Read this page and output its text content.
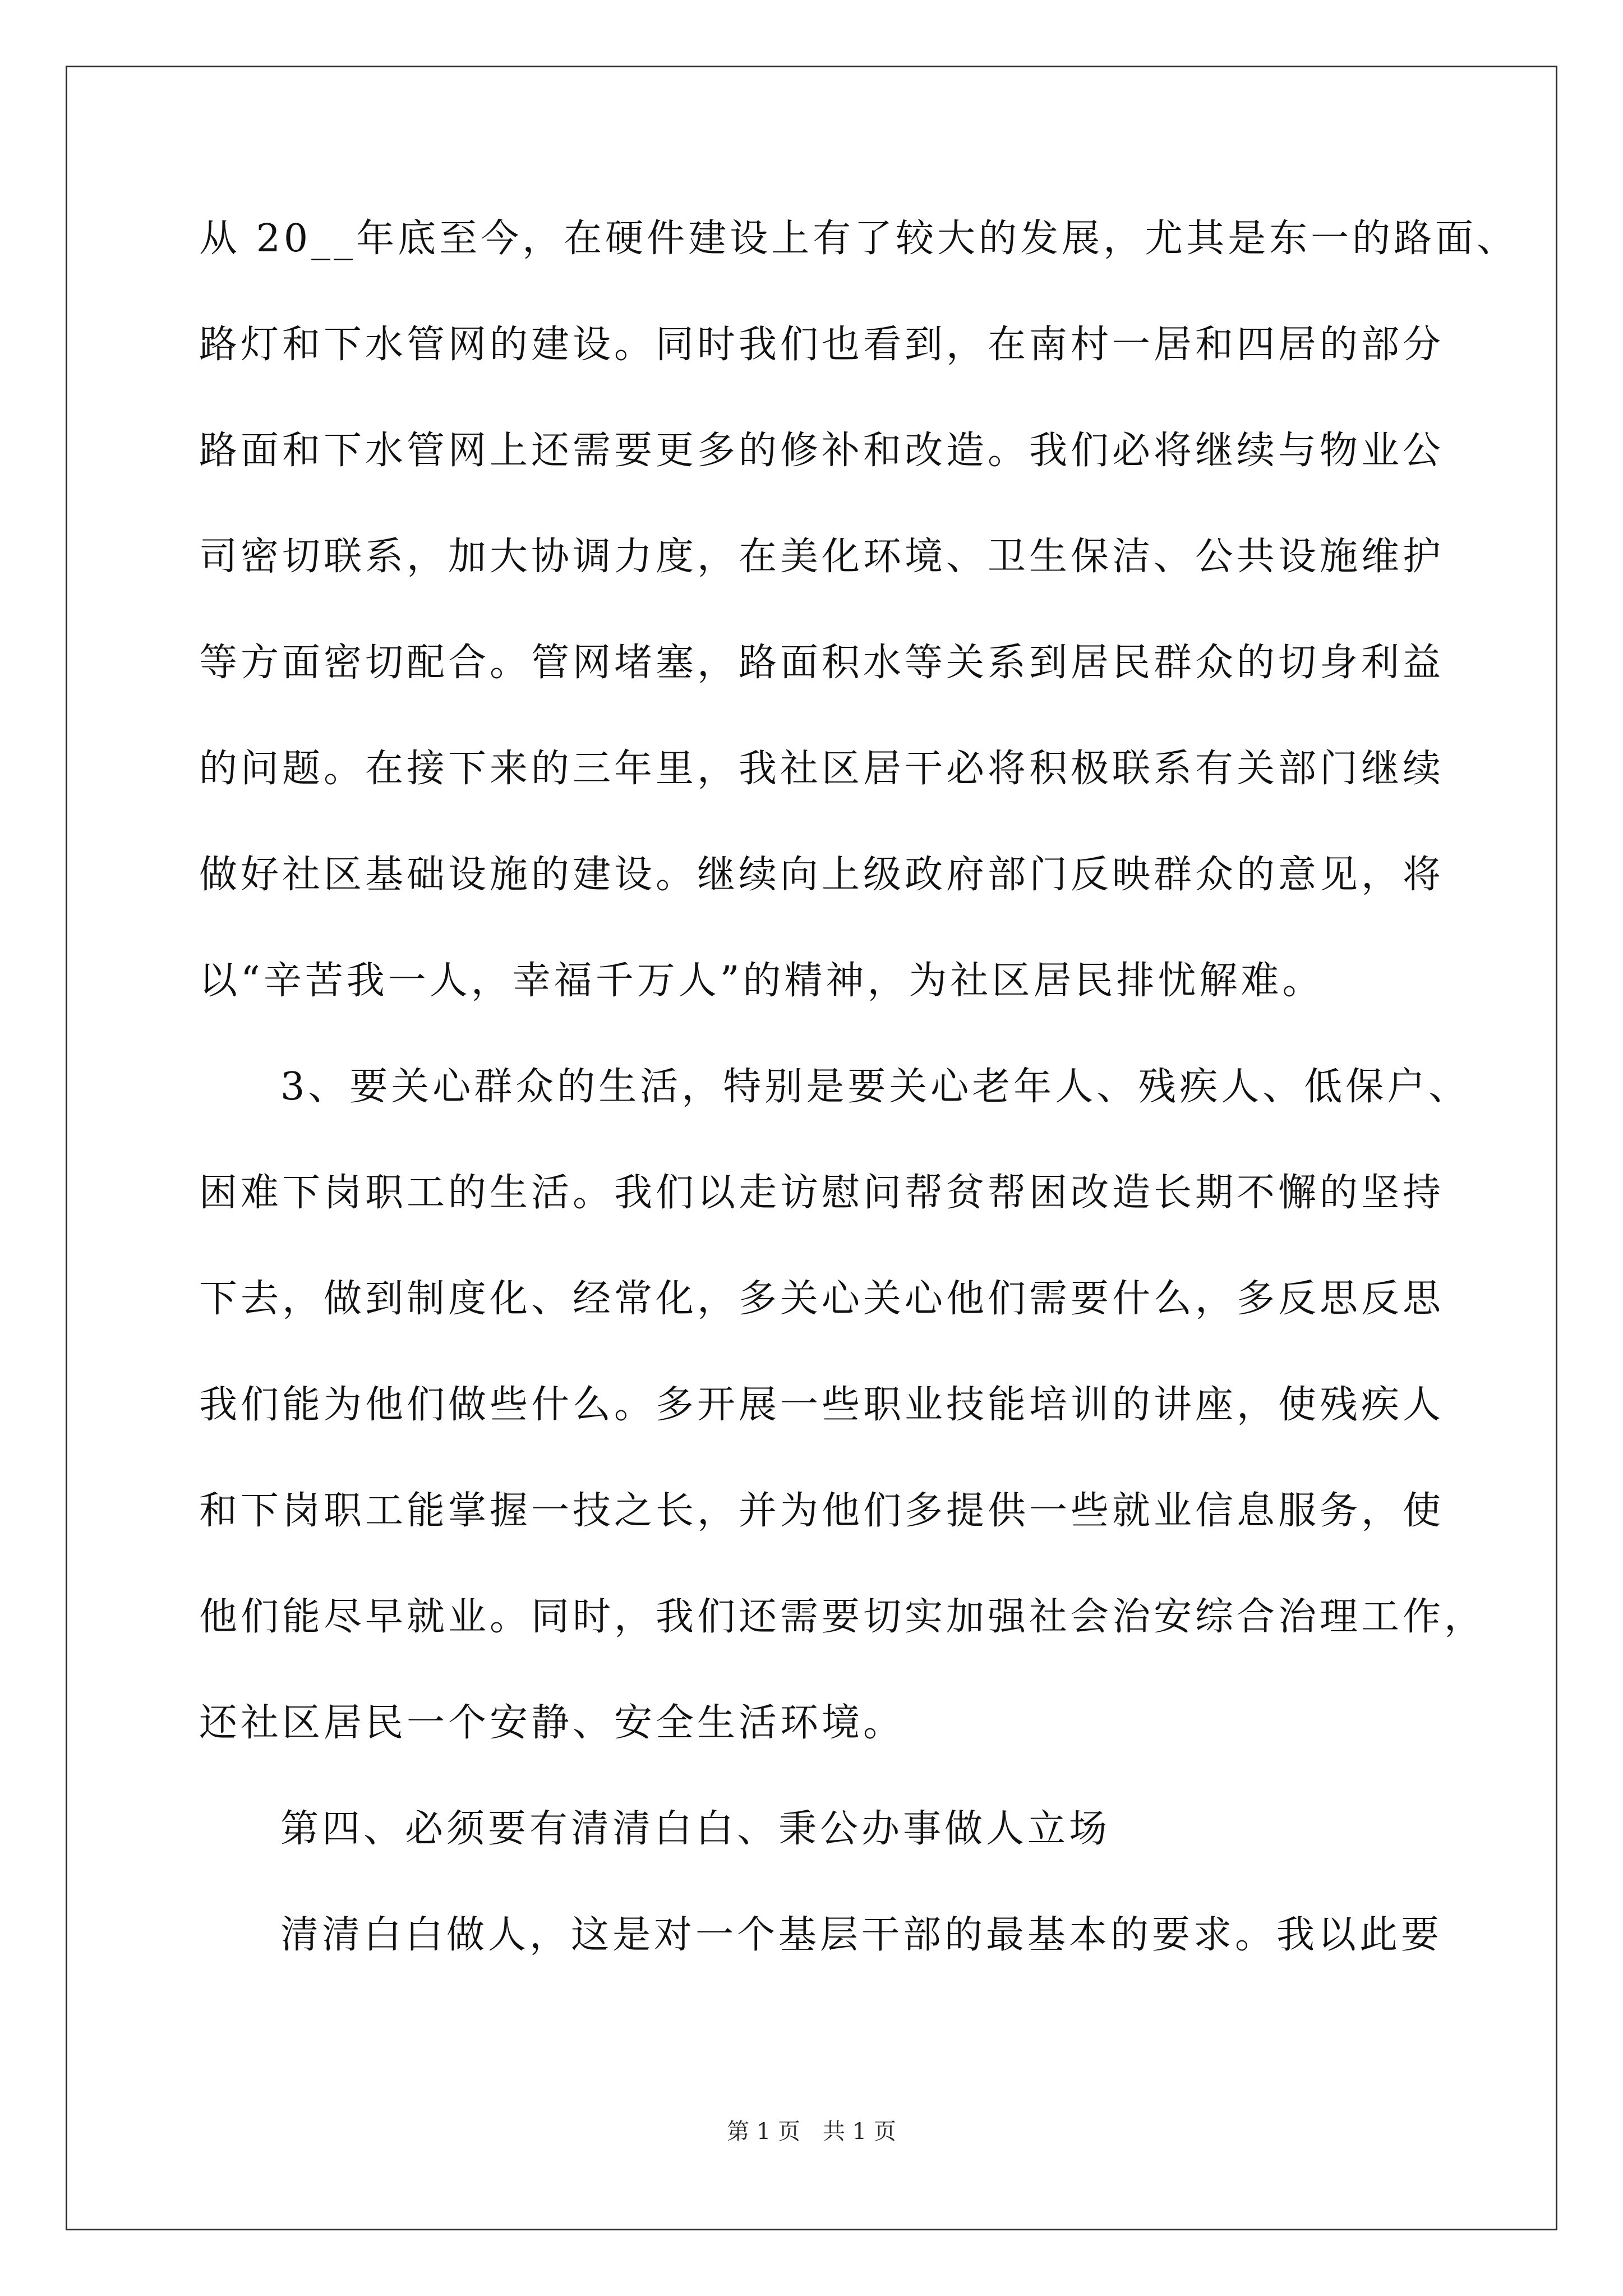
从 20__年底至今，在硬件建设上有了较大的发展，尤其是东一的路面、
路灯和下水管网的建设。同时我们也看到，在南村一居和四居的部分
路面和下水管网上还需要更多的修补和改造。我们必将继续与物业公
司密切联系，加大协调力度，在美化环境、卫生保洁、公共设施维护
等方面密切配合。管网堵塞，路面积水等关系到居民群众的切身利益
的问题。在接下来的三年里，我社区居干必将积极联系有关部门继续
做好社区基础设施的建设。继续向上级政府部门反映群众的意见，将
以“辛苦我一人，幸福千万人”的精神，为社区居民排忧解难。
3、要关心群众的生活，特别是要关心老年人、残疾人、低保户、
困难下岗职工的生活。我们以走访慰问帮贫帮困改造长期不懈的坚持
下去，做到制度化、经常化，多关心关心他们需要什么，多反思反思
我们能为他们做些什么。多开展一些职业技能培训的讲座，使残疾人
和下岗职工能掌握一技之长，并为他们多提供一些就业信息服务，使
他们能尽早就业。同时，我们还需要切实加强社会治安综合治理工作，
还社区居民一个安静、安全生活环境。
第四、必须要有清清白白、秉公办事做人立场
清清白白做人，这是对一个基层干部的最基本的要求。我以此要
第 1 页　共 1 页
